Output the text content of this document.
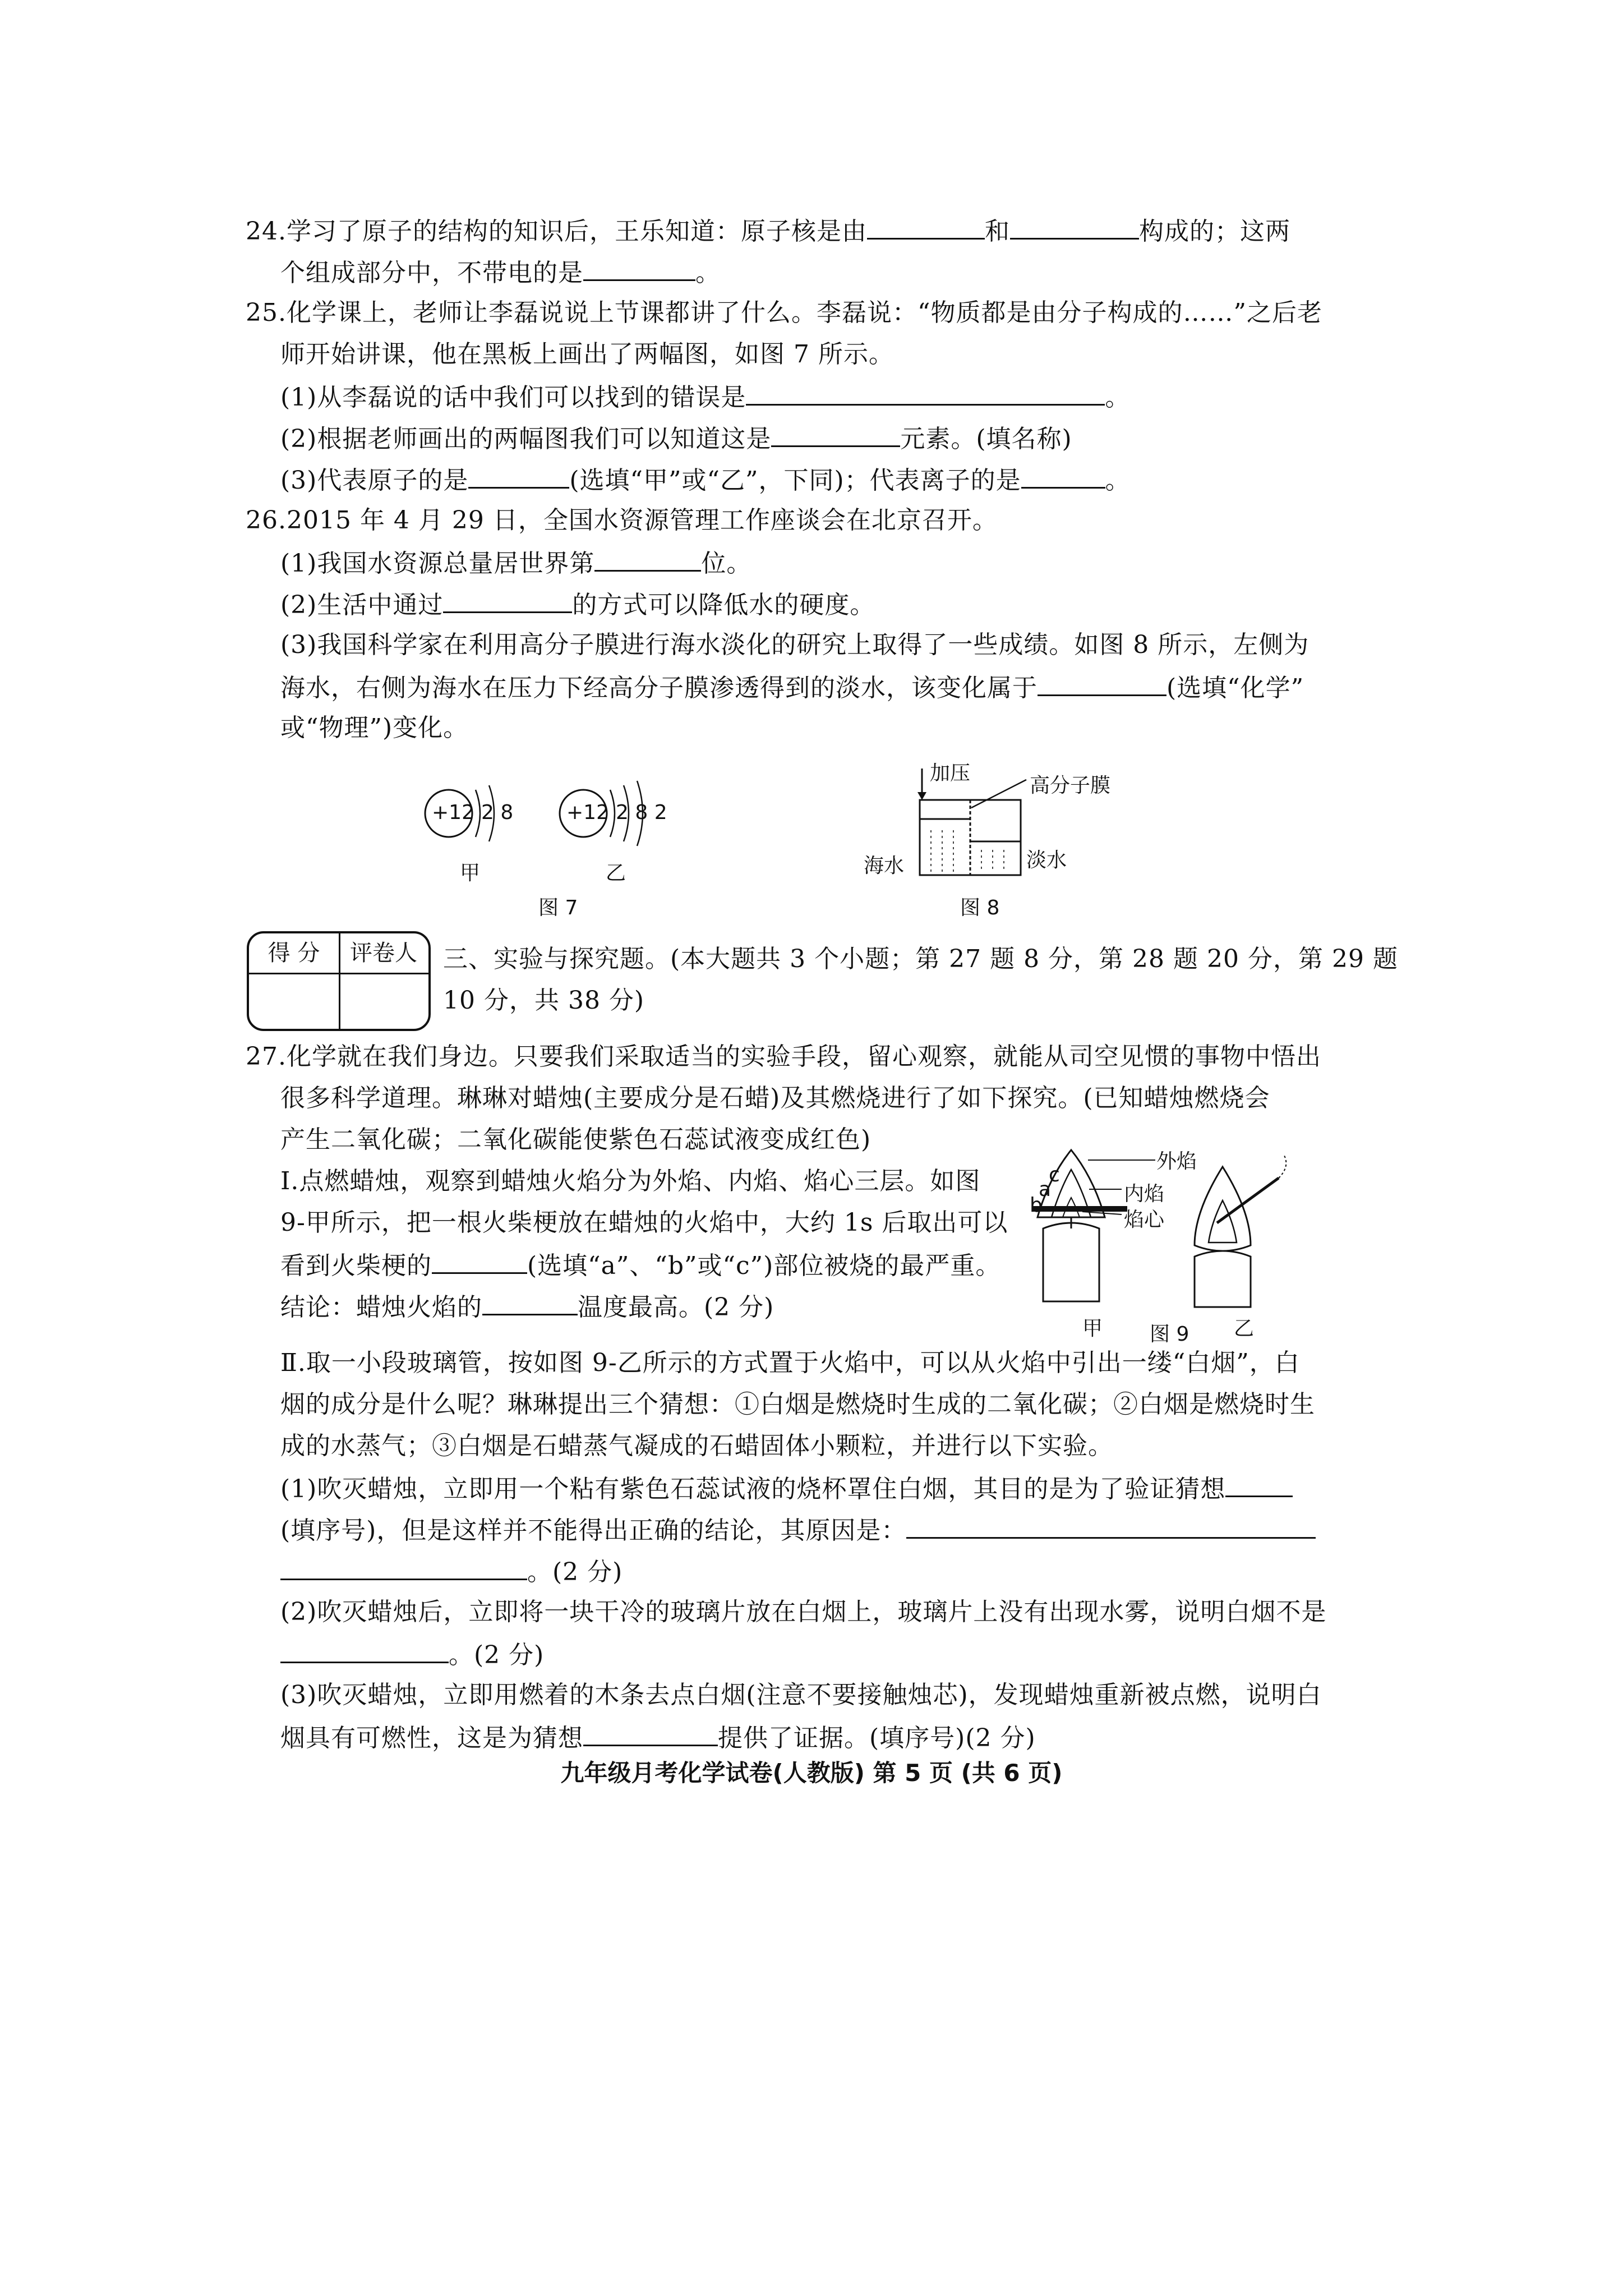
24.学习了原子的结构的知识后，王乐知道：原子核是由	和	构成的；这两
个组成部分中，不带电的是	。
25.化学课上，老师让李磊说说上节课都讲了什么。李磊说：“物质都是由分子构成的……”之后老
师开始讲课，他在黑板上画出了两幅图，如图 7 所示。
(1)从李磊说的话中我们可以找到的错误是	。
(2)根据老师画出的两幅图我们可以知道这是	元素。(填名称)
(3)代表原子的是	(选填“甲”或“乙”，下同)；代表离子的是	。
26.2015 年 4 月 29 日，全国水资源管理工作座谈会在北京召开。
(1)我国水资源总量居世界第	位。
(2)生活中通过	的方式可以降低水的硬度。
(3)我国科学家在利用高分子膜进行海水淡化的研究上取得了一些成绩。如图 8 所示，左侧为
海水，右侧为海水在压力下经高分子膜渗透得到的淡水，该变化属于	(选填“化学”
或“物理”)变化。
+12 2 8	+12 2 8 2
甲	乙
图 7
加压
高分子膜
海水	淡水
图 8
得 分	评卷人	三、实验与探究题。(本大题共 3 个小题；第 27 题 8 分，第 28 题 20 分，第 29 题
10 分，共 38 分)
27.化学就在我们身边。只要我们采取适当的实验手段，留心观察，就能从司空见惯的事物中悟出
很多科学道理。琳琳对蜡烛(主要成分是石蜡)及其燃烧进行了如下探究。(已知蜡烛燃烧会
产生二氧化碳；二氧化碳能使紫色石蕊试液变成红色)
Ⅰ.点燃蜡烛，观察到蜡烛火焰分为外焰、内焰、焰心三层。如图
9-甲所示，把一根火柴梗放在蜡烛的火焰中，大约 1s 后取出可以
看到火柴梗的	(选填“a”、“b”或“c”)部位被烧的最严重。
结论：蜡烛火焰的	温度最高。(2 分)
外焰
内焰
焰心
a
b
c
甲 图 9 乙
Ⅱ.取一小段玻璃管，按如图 9-乙所示的方式置于火焰中，可以从火焰中引出一缕“白烟”，白
烟的成分是什么呢？琳琳提出三个猜想：①白烟是燃烧时生成的二氧化碳；②白烟是燃烧时生
成的水蒸气；③白烟是石蜡蒸气凝成的石蜡固体小颗粒，并进行以下实验。
(1)吹灭蜡烛，立即用一个粘有紫色石蕊试液的烧杯罩住白烟，其目的是为了验证猜想
(填序号)，但是这样并不能得出正确的结论，其原因是：
。(2 分)
(2)吹灭蜡烛后，立即将一块干冷的玻璃片放在白烟上，玻璃片上没有出现水雾，说明白烟不是
。(2 分)
(3)吹灭蜡烛，立即用燃着的木条去点白烟(注意不要接触烛芯)，发现蜡烛重新被点燃，说明白
烟具有可燃性，这是为猜想	提供了证据。(填序号)(2 分)
九年级月考化学试卷(人教版) 第 5 页 (共 6 页)
